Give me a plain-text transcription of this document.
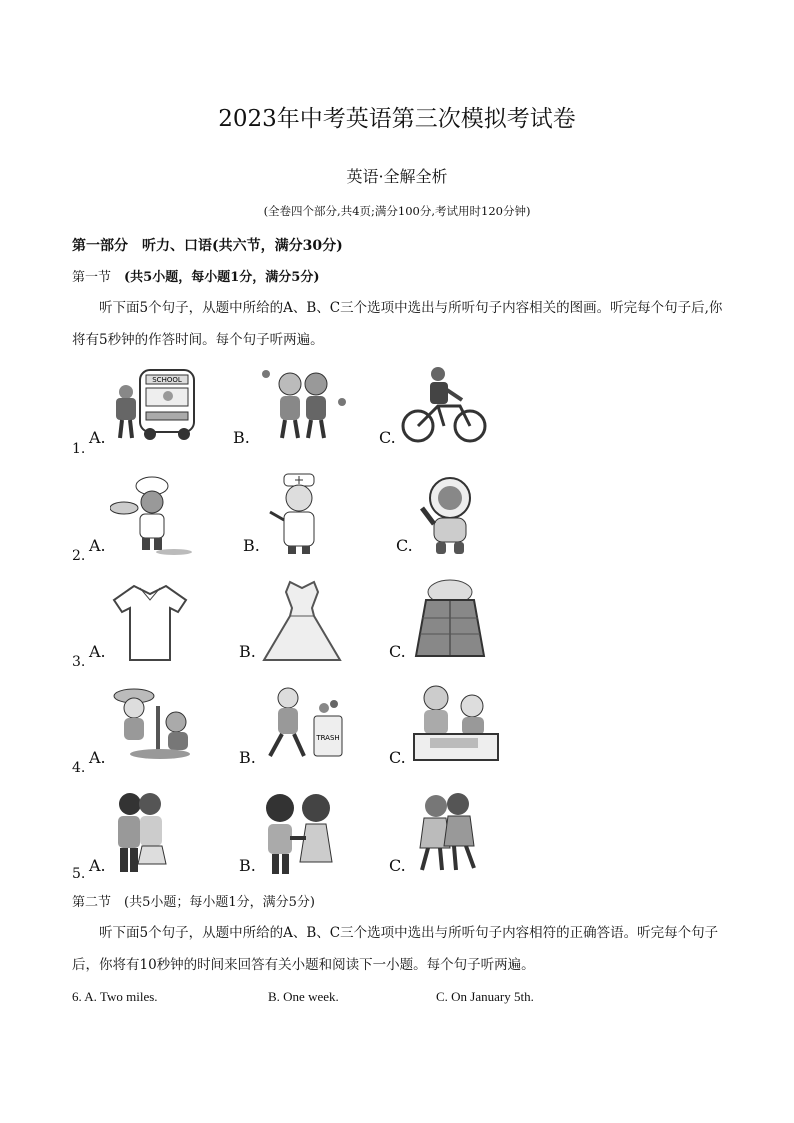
2023年中考英语第三次模拟考试卷
英语·全解全析
(全卷四个部分,共4页;满分100分,考试用时120分钟)
第一部分　听力、口语(共六节，满分30分)
第一节　 (共5小题，每小题1分，满分5分)
听下面5个句子，从题中所给的A、B、C三个选项中选出与所听句子内容相关的图画。听完每个句子后,你将有5秒钟的作答时间。每个句子听两遍。
1.
A.
SCHOOL
B.	C.
2.
A.	B.	C.
3.
A.	B.	C.
4.
A.	B.
TRASH
C.
5. A.	B.	C.
第二节　(共5小题；每小题1分，满分5分)
听下面5个句子，从题中所给的A、B、C三个选项中选出与所听句子内容相符的正确答语。听完每个句子后，你将有10秒钟的时间来回答有关小题和阅读下一小题。每个句子听两遍。
6. A. Two miles.	B. One week.	C. On January 5th.
